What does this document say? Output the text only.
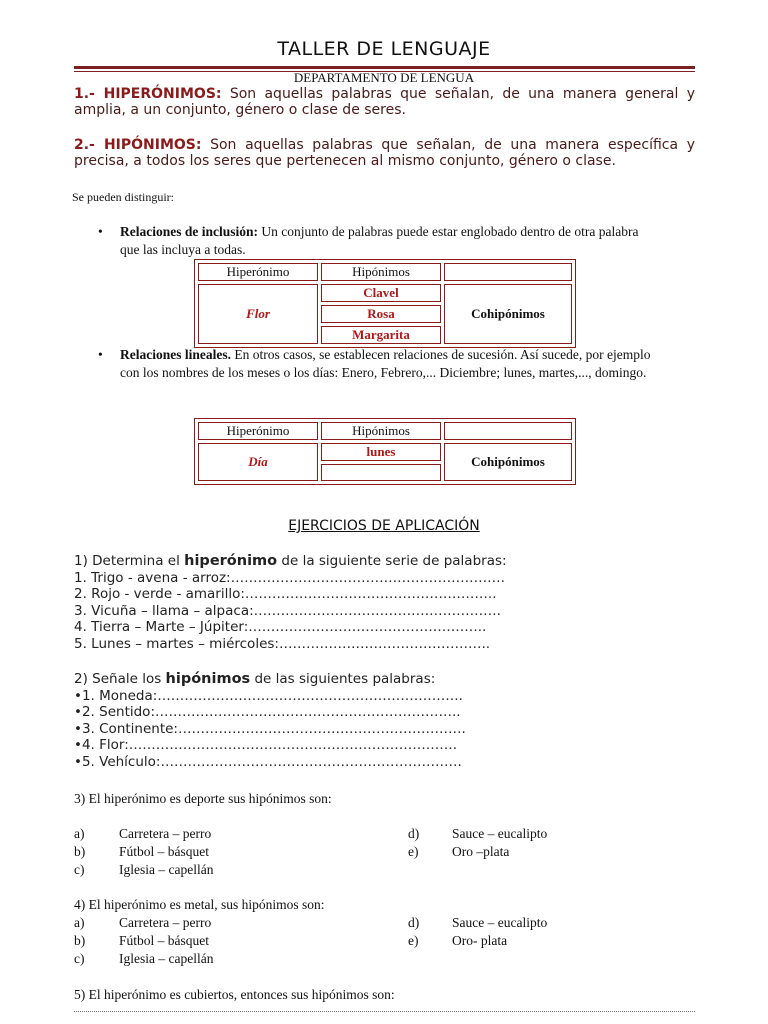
TALLER DE LENGUAJE
DEPARTAMENTO DE LENGUA
1.- HIPERÓNIMOS: Son aquellas palabras que señalan, de una manera general y amplia, a un conjunto, género o clase de seres.
2.- HIPÓNIMOS: Son aquellas palabras que señalan, de una manera específica y precisa, a todos los seres que pertenecen al mismo conjunto, género o clase.
Se pueden distinguir:
• Relaciones de inclusión: Un conjunto de palabras puede estar englobado dentro de otra palabra que las incluya a todas.
Hiperónimo	Hipónimos	
Flor	Clavel	Cohipónimos
	Rosa	
	Margarita	
• Relaciones lineales. En otros casos, se establecen relaciones de sucesión. Así sucede, por ejemplo con los nombres de los meses o los días: Enero, Febrero,... Diciembre; lunes, martes,..., domingo.
Hiperónimo	Hipónimos	
Día	lunes	Cohipónimos

EJERCICIOS DE APLICACIÓN
1) Determina el hiperónimo de la siguiente serie de palabras:
1. Trigo - avena - arroz:…………………………………………………….
2. Rojo - verde - amarillo:………………………………………………..
3. Vicuña – llama – alpaca:……………………………………………….
4. Tierra – Marte – Júpiter:……………………………………………..
5. Lunes – martes – miércoles:………………………………………..
2) Señale los hipónimos de las siguientes palabras:
•1. Moneda:…………………………………………………………..
•2. Sentido:…………………………………………………………..
•3. Continente:……………………………………………………….
•4. Flor:……………………………………………………………….
•5. Vehículo:………………………………………………………….
3) El hiperónimo es deporte sus hipónimos son:
a)	Carretera – perro
b)	Fútbol – básquet
c)	Iglesia – capellán
d) Sauce – eucalipto
e) Oro –plata
4) El hiperónimo es metal, sus hipónimos son:
a)	Carretera – perro
b)	Fútbol – básquet
c)	Iglesia – capellán
d) Sauce – eucalipto
e) Oro- plata
5) El hiperónimo es cubiertos, entonces sus hipónimos son:
